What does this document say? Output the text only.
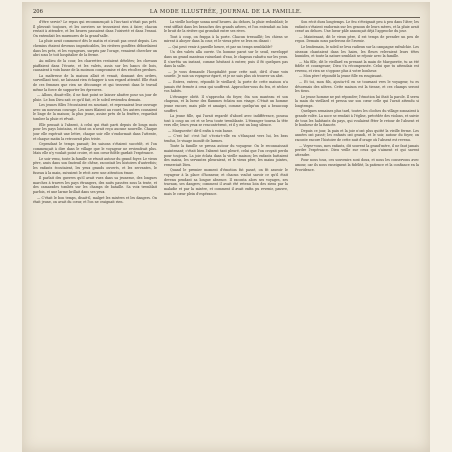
206	LA MODE ILLUSTRÉE, JOURNAL DE LA FAMILLE.

d'être servie? Le repas qui recommençait à l'ins-tant n'était pas prêt. Il pleuvait toujours, et les ouvriers ne trouvaient rien à faire; chacun restait à attendre, et les heures passaient dans l'oisiveté et dans l'ennui. On entendait les murmures de la grand'salle.

La pluie avait commencé dès le matin et n'avait pas cessé depuis. Les chemins étaient devenus impraticables, les rivières gonflées débordaient dans les prés, et les voyageurs, surpris par l'orage, venaient chercher un abri sous le toit hospitalier de la ferme.

Au milieu de la cour, les charrettes restaient dételées; les chevaux piaffaient dans l'écurie, et les valets, assis sur les bancs de bois, causaient à voix basse de la moisson compromise et des récoltes perdues.

La maîtresse de la maison allait et venait, donnant des ordres, surveillant tout, ne laissant rien échapper à son regard attentif. Elle était de ces femmes que rien ne décourage et qui trouvent dans le travail même la force de supporter les épreuves.

— Allons, disait-elle, il ne faut point se laisser abattre pour un jour de pluie. Le bon Dieu sait ce qu'il fait, et le soleil reviendra demain.

Les jeunes filles l'écoutaient en souriant, et reprenaient leur ouvrage avec un nouveau courage. Les unes filaient au rouet, les autres cousaient le linge de la maison; la plus jeune, assise près de la fenêtre, regardait tomber la pluie et rêvait.

Elle pensait à l'absent, à celui qui était parti depuis de longs mois pour les pays lointains, et dont on n'avait reçu aucune nouvelle. Chaque jour elle espérait une lettre, chaque soir elle s'endormait dans l'attente, et chaque matin la retrouvait plus triste.

Cependant le temps passait; les saisons s'étaient succédé, et l'on commençait à dire dans le village que le voyageur ne reviendrait plus. Mais elle n'y voulait point croire, et son cœur fidèle gardait l'espérance.

Le soir venu, toute la famille se réunit autour du grand foyer. Le vieux père, assis dans son fauteuil de chêne, racontait les histoires d'autrefois; les enfants écoutaient, les yeux grands ouverts, et les servantes, le fuseau à la main, suivaient le récit avec une attention émue.

Il parlait des guerres qu'il avait vues dans sa jeunesse, des longues marches à travers les pays étrangers, des nuits passées sous la tente, et des camarades tombés sur les champs de bataille. Sa voix tremblait parfois, et une larme brillait dans ses yeux.

— C'était le bon temps, disait-il, malgré les misères et les dangers. On était jeune, on avait du cœur, et l'on ne craignait rien.

La vieille horloge sonna neuf heures. Au dehors, la pluie redoublait; le vent sifflait dans les branches des grands arbres, et l'on entendait au loin le bruit de la rivière qui grondait entre ses rives.

Tout à coup, on frappa à la porte. Chacun tressaillit; les chiens se mirent à aboyer dans la cour, et le vieux père se leva en disant :

— Qui peut venir à pareille heure, et par un temps semblable?

Un des valets alla ouvrir. Un homme parut sur le seuil, enveloppé dans un grand manteau ruisselant d'eau, le chapeau rabattu sur les yeux. Il s'arrêta un instant, comme hésitant à entrer, puis il fit quelques pas dans la salle.

— Je vous demande l'hospitalité pour cette nuit, dit-il d'une voix sourde. Je suis un voyageur égaré, et je ne sais plus où trouver un abri.

— Entrez, entrez, répondit le vieillard; la porte de cette maison n'a jamais été fermée à ceux qui souffrent. Approchez-vous du feu, et séchez vos habits.

L'étranger obéit. Il s'approcha du foyer, ôta son manteau et son chapeau, et la lueur des flammes éclaira son visage. C'était un homme jeune encore, mais pâle et amaigri, comme quelqu'un qui a beaucoup souffert.

La jeune fille, qui l'avait regardé d'abord avec indifférence, poussa tout à coup un cri et se leva toute tremblante. L'étranger tourna la tête vers elle; leurs yeux se rencontrèrent, et il y eut un long silence.

— Marguerite! dit-il enfin à voix basse.

— C'est lui! c'est lui! s'écria-t-elle en s'élançant vers lui, les bras tendus, le visage inondé de larmes.

Toute la famille se pressa autour du voyageur. On le reconnaissait maintenant; c'était bien l'absent tant pleuré, celui que l'on croyait perdu pour toujours. La joie éclata dans la vieille maison; les enfants battaient des mains, les servantes pleuraient, et le vieux père, les mains jointes, remerciait Dieu.

Quand le premier moment d'émotion fut passé, on fit asseoir le voyageur à la place d'honneur, et chacun voulut savoir ce qu'il était devenu pendant sa longue absence. Il raconta alors ses voyages, ses travaux, ses dangers; comment il avait été retenu loin des siens par la maladie et par la misère, et comment il avait enfin pu revenir, pauvre, mais le cœur plein d'espérance.

Son récit dura longtemps. Le feu s'éteignait peu à peu dans l'âtre; les enfants s'étaient endormis sur les genoux de leurs mères, et la pluie avait cessé au dehors. Une lueur pâle annonçait déjà l'approche du jour.

— Maintenant, dit le vieux père, il est temps de prendre un peu de repos. Demain nous parlerons de l'avenir.

Le lendemain, le soleil se leva radieux sur la campagne rafraîchie. Les oiseaux chantaient dans les haies, les fleurs relevaient leurs têtes humides, et toute la nature semblait se réjouir avec la famille.

— Ma fille, dit le vieillard en prenant la main de Marguerite, tu as été fidèle et courageuse; Dieu t'a récompensée. Celui que tu attendais est revenu, et rien ne s'oppose plus à votre bonheur.

— Mon père! répondit la jeune fille en rougissant.

— Et toi, mon fils, ajouta-t-il en se tournant vers le voyageur, tu es désormais des nôtres. Cette maison est la tienne, et ces champs seront les tiens.

Le jeune homme ne put répondre; l'émotion lui ôtait la parole. Il serra la main du vieillard et pressa sur son cœur celle qui l'avait attendu si longtemps.

Quelques semaines plus tard, toutes les cloches du village sonnaient à grande volée. La noce se rendait à l'église, précédée des violons, et suivie de tous les habitants du pays, qui voulaient fêter le retour de l'absent et le bonheur de la fiancée.

Depuis ce jour, la paix et la joie n'ont plus quitté la vieille ferme. Les années ont passé; les enfants ont grandi, et le soir, autour du foyer, on raconte encore l'histoire de cette nuit d'orage où l'absent est revenu.

— Voyez-vous, mes enfants, dit souvent la grand'mère, il ne faut jamais perdre l'espérance. Dieu veille sur ceux qui s'aiment et qui savent attendre.

Pour nous tous, ces souvenirs sont doux, et nous les conservons avec amour, car ils nous enseignent la fidélité, la patience et la confiance en la Providence.
